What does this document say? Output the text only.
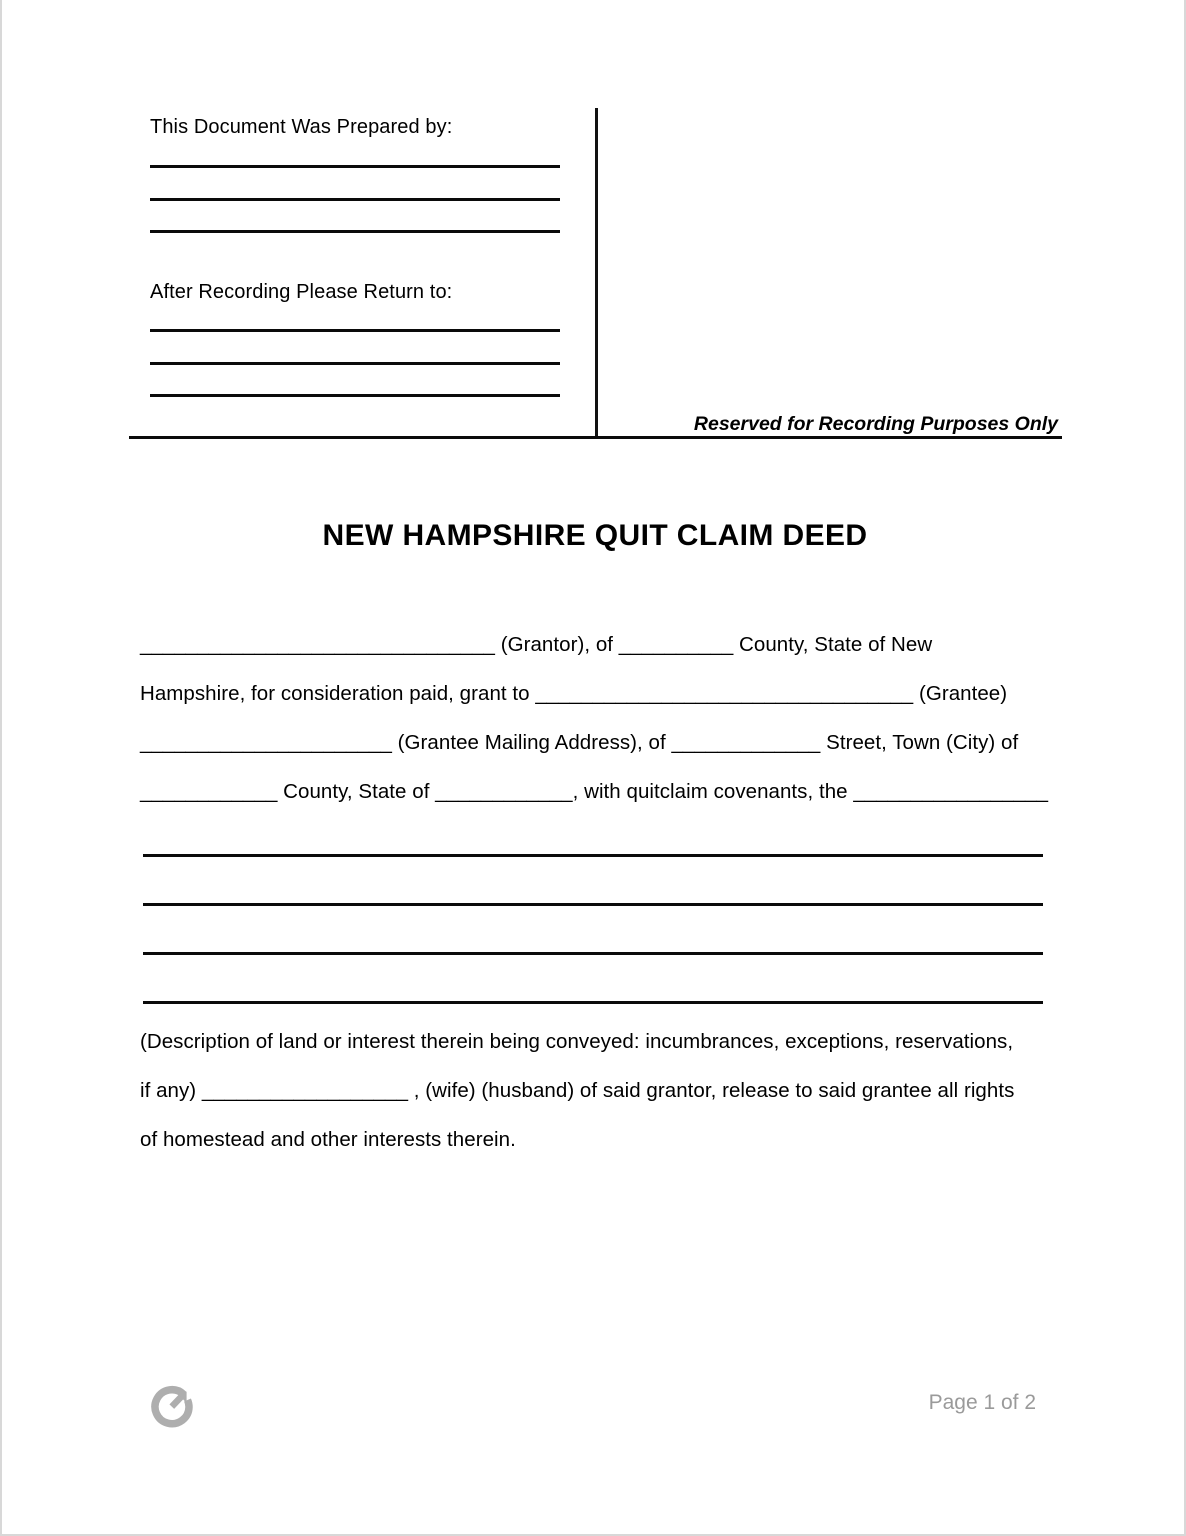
This Document Was Prepared by:
After Recording Please Return to:
Reserved for Recording Purposes Only
NEW HAMPSHIRE QUIT CLAIM DEED
_______________________________ (Grantor), of __________ County, State of New
Hampshire, for consideration paid, grant to _________________________________ (Grantee)
______________________ (Grantee Mailing Address), of _____________ Street, Town (City) of
____________ County, State of ____________, with quitclaim covenants, the _________________
(Description of land or interest therein being conveyed: incumbrances, exceptions, reservations,
if any) __________________ , (wife) (husband) of said grantor, release to said grantee all rights
of homestead and other interests therein.
Page 1 of 2
